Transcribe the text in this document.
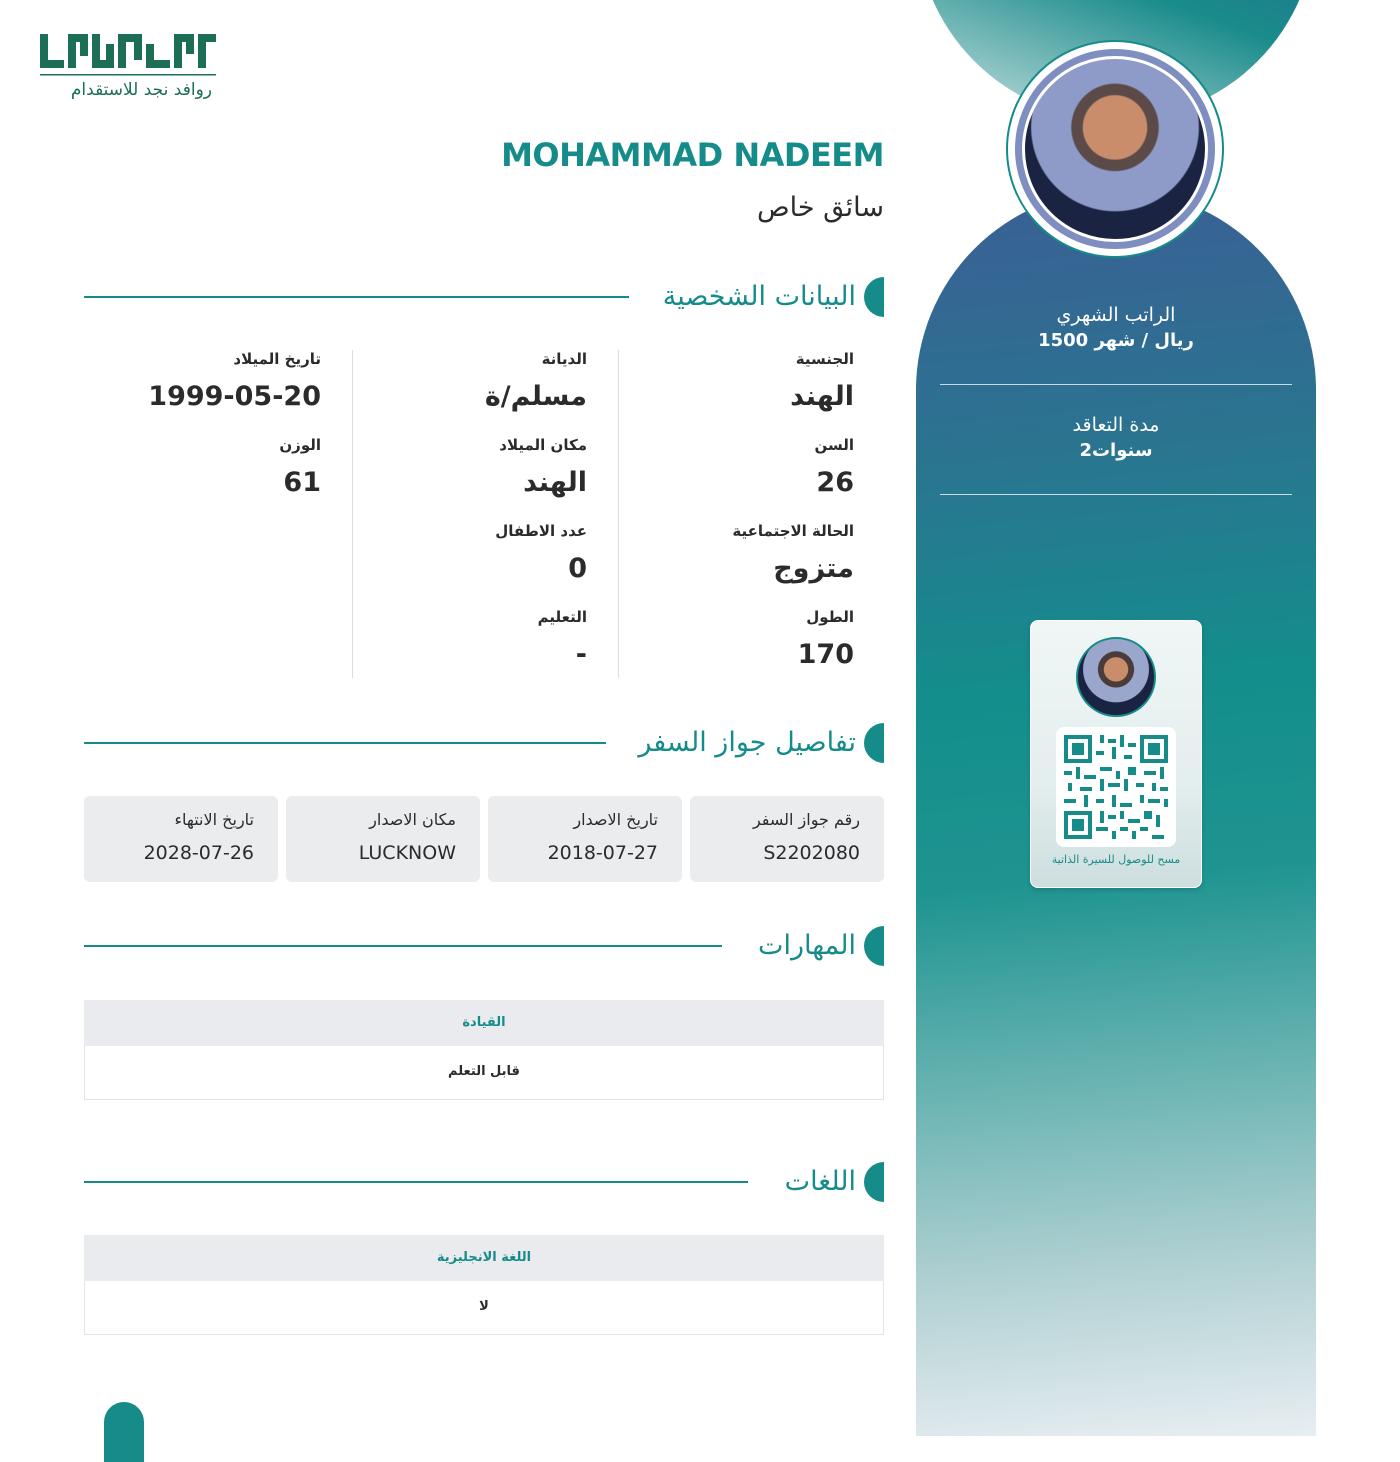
الراتب الشهري
1500 ريال / شهر
مدة التعاقد
2سنوات
مسح للوصول للسيرة الذاتية
روافد نجد للاستقدام
MOHAMMAD NADEEM
سائق خاص
البيانات الشخصية
الجنسية
الهند
السن
26
الحالة الاجتماعية
متزوج
الطول
170
الديانة
مسلم/ة
مكان الميلاد
الهند
عدد الاطفال
0
التعليم
-
تاريخ الميلاد
1999-05-20
الوزن
61
تفاصيل جواز السفر
رقم جواز السفر
S2202080
تاريخ الاصدار
2018-07-27
مكان الاصدار
LUCKNOW
تاريخ الانتهاء
2028-07-26
المهارات
القيادة
قابل التعلم
اللغات
اللغة الانجليزية
لا
